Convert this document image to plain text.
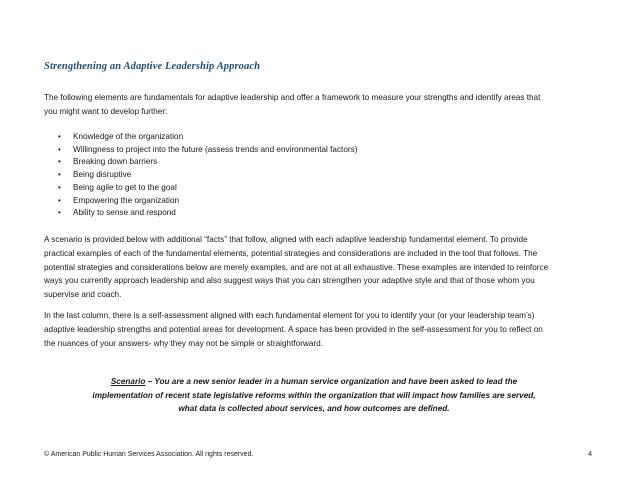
Strengthening an Adaptive Leadership Approach

The following elements are fundamentals for adaptive leadership and offer a framework to measure your strengths and identify areas that
you might want to develop further:

• Knowledge of the organization
• Willingness to project into the future (assess trends and environmental factors)
• Breaking down barriers
• Being disruptive
• Being agile to get to the goal
• Empowering the organization
• Ability to sense and respond

A scenario is provided below with additional “facts” that follow, aligned with each adaptive leadership fundamental element. To provide
practical examples of each of the fundamental elements, potential strategies and considerations are included in the tool that follows. The
potential strategies and considerations below are merely examples, and are not at all exhaustive. These examples are intended to reinforce
ways you currently approach leadership and also suggest ways that you can strengthen your adaptive style and that of those whom you
supervise and coach.

In the last column, there is a self-assessment aligned with each fundamental element for you to identify your (or your leadership team’s)
adaptive leadership strengths and potential areas for development. A space has been provided in the self-assessment for you to reflect on
the nuances of your answers- why they may not be simple or straightforward.

Scenario – You are a new senior leader in a human service organization and have been asked to lead the
implementation of recent state legislative reforms within the organization that will impact how families are served,
what data is collected about services, and how outcomes are defined.

© American Public Human Services Association. All rights reserved.	4
